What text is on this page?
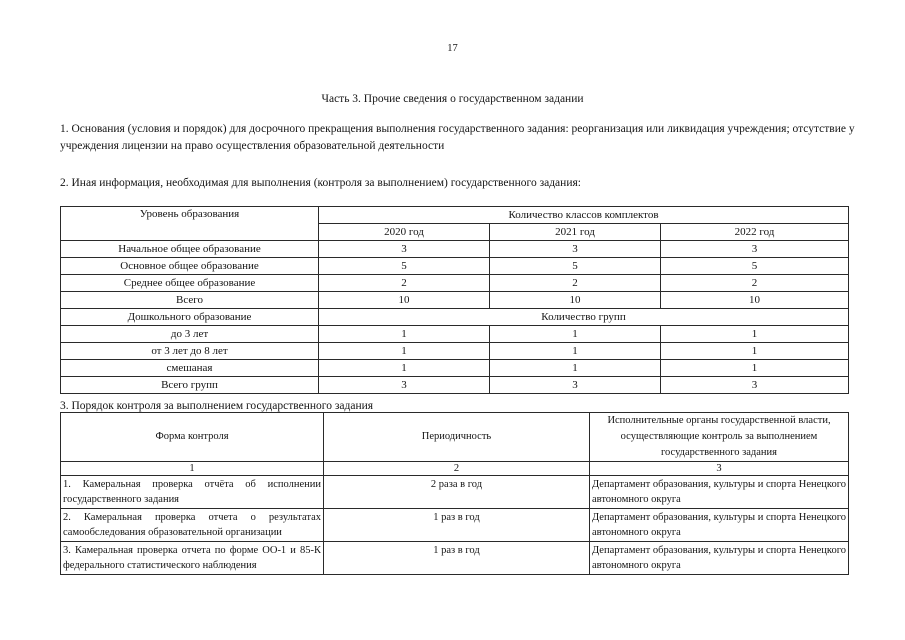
17
Часть 3. Прочие сведения о государственном задании
1. Основания (условия и порядок) для досрочного прекращения выполнения государственного задания: реорганизация или ликвидация учреждения; отсутствие у учреждения лицензии на право осуществления образовательной деятельности
2. Иная информация, необходимая для выполнения (контроля за выполнением) государственного задания:
Уровень образования	Количество классов комплектов		
	2020 год	2021 год	2022 год
Начальное общее образование	3	3	3
Основное общее образование	5	5	5
Среднее общее образование	2	2	2
Всего	10	10	10
Дошкольного образование	Количество групп		
до 3 лет	1	1	1
от 3 лет до 8 лет	1	1	1
смешаная	1	1	1
Всего групп	3	3	3
3. Порядок контроля за выполнением государственного задания
Форма контроля	Периодичность	Исполнительные органы государственной власти, осуществляющие контроль за выполнением государственного задания
1	2	3
1. Камеральная проверка отчёта об исполнении государственного задания	2 раза в год	Департамент образования, культуры и спорта Ненецкого автономного округа
2. Камеральная проверка отчета о результатах самообследования образовательной организации	1 раз в год	Департамент образования, культуры и спорта Ненецкого автономного округа
3. Камеральная проверка отчета по форме ОО-1 и 85-К федерального статистического наблюдения	1 раз в год	Департамент образования, культуры и спорта Ненецкого автономного округа
